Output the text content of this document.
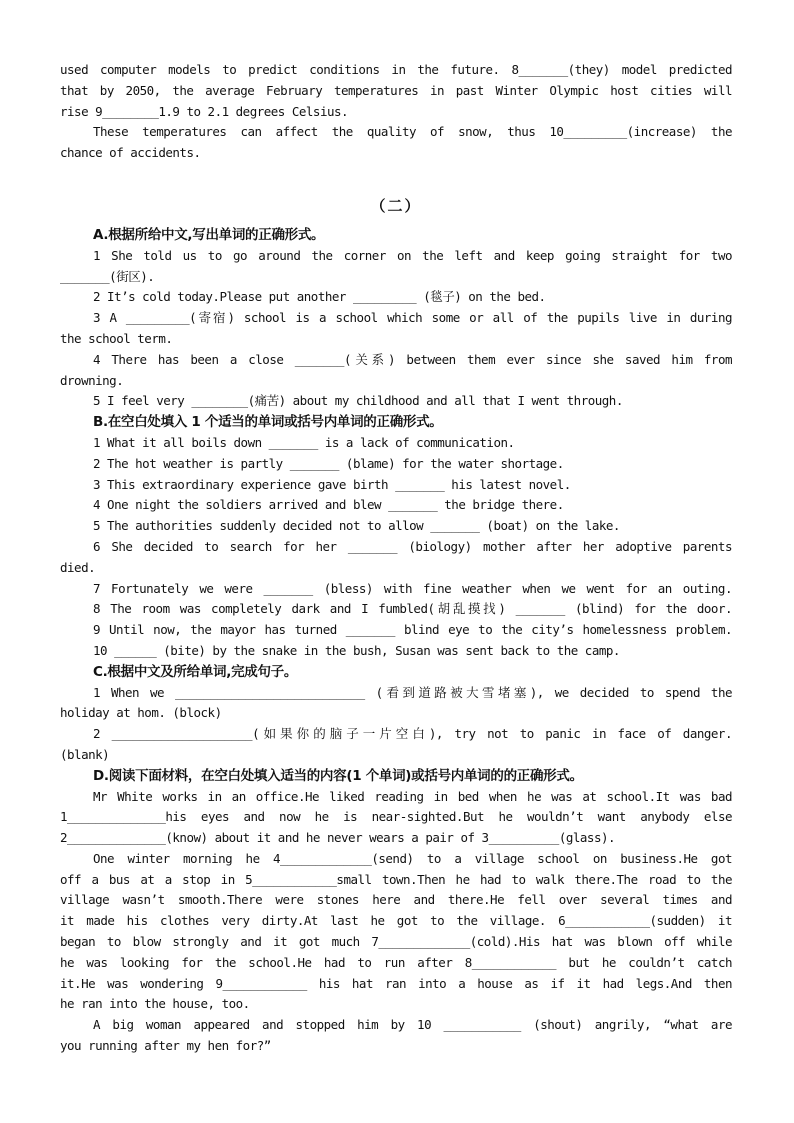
used computer models to predict conditions in the future. 8_______(they) model predicted
that by 2050, the average February temperatures in past Winter Olympic host cities will
rise 9________1.9 to 2.1 degrees Celsius.
These temperatures can affect the quality of snow, thus 10_________(increase) the
chance of accidents.
（二）
A.根据所给中文,写出单词的正确形式。
1 She told us to go around the corner on the left and keep going straight for two
_______(街区).
2 It’s cold today.Please put another _________ (毯子) on the bed.
3 A _________(寄宿) school is a school which some or all of the pupils live in during
the school term.
4 There has been a close _______(关系) between them ever since she saved him from
drowning.
5 I feel very ________(痛苦) about my childhood and all that I went through.
B.在空白处填入 1 个适当的单词或括号内单词的正确形式。
1 What it all boils down _______ is a lack of communication.
2 The hot weather is partly _______ (blame) for the water shortage.
3 This extraordinary experience gave birth _______ his latest novel.
4 One night the soldiers arrived and blew _______ the bridge there.
5 The authorities suddenly decided not to allow _______ (boat) on the lake.
6 She decided to search for her _______ (biology) mother after her adoptive parents
died.
7 Fortunately we were _______ (bless) with fine weather when we went for an outing.
8 The room was completely dark and I fumbled(胡乱摸找) _______ (blind) for the door.
9 Until now, the mayor has turned _______ blind eye to the city’s homelessness problem.
10 ______ (bite) by the snake in the bush, Susan was sent back to the camp.
C.根据中文及所给单词,完成句子。
1 When we ___________________________ (看到道路被大雪堵塞), we decided to spend the
holiday at hom. (block)
2 ____________________(如果你的脑子一片空白), try not to panic in face of danger.
(blank)
D.阅读下面材料，在空白处填入适当的内容(1 个单词)或括号内单词的的正确形式。
Mr White works in an office.He liked reading in bed when he was at school.It was bad
1______________his eyes and now he is near-sighted.But he wouldn’t want anybody else
2______________(know) about it and he never wears a pair of 3__________(glass).
One winter morning he 4_____________(send) to a village school on business.He got
off a bus at a stop in 5____________small town.Then he had to walk there.The road to the
village wasn’t smooth.There were stones here and there.He fell over several times and
it made his clothes very dirty.At last he got to the village. 6____________(sudden) it
began to blow strongly and it got much 7_____________(cold).His hat was blown off while
he was looking for the school.He had to run after 8____________ but he couldn’t catch
it.He was wondering 9____________ his hat ran into a house as if it had legs.And then
he ran into the house, too.
A big woman appeared and stopped him by 10 ___________ (shout) angrily, “what are
you running after my hen for?”
